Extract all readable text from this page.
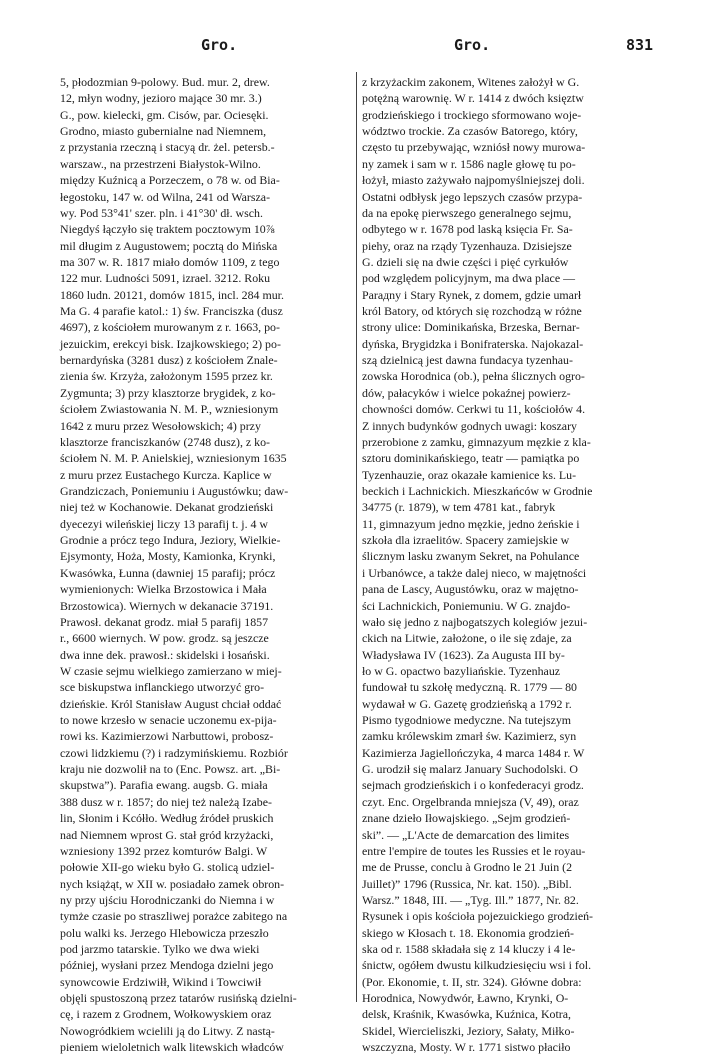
Gro.	Gro.	831
5, płodozmian 9-polowy. Bud. mur. 2, drew.
12, młyn wodny, jezioro mające 30 mr. 3.)
G., pow. kielecki, gm. Cisów, par. Ociesęki.
Grodno, miasto gubernialne nad Niemnem,
z przystania rzeczną i stacyą dr. żel. petersb.-
warszaw., na przestrzeni Białystok-Wilno.
między Kuźnicą a Porzeczem, o 78 w. od Bia-
łegostoku, 147 w. od Wilna, 241 od Warsza-
wy. Pod 53°41' szer. pln. i 41°30' dł. wsch.
Niegdyś łączyło się traktem pocztowym 10⅞
mil długim z Augustowem; pocztą do Mińska
ma 307 w. R. 1817 miało domów 1109, z tego
122 mur. Ludności 5091, izrael. 3212. Roku
1860 ludn. 20121, domów 1815, incl. 284 mur.
Ma G. 4 parafie katol.: 1) św. Franciszka (dusz
4697), z kościołem murowanym z r. 1663, po-
jezuickim, erekcyi bisk. Izajkowskiego; 2) po-
bernardyńska (3281 dusz) z kościołem Znale-
zienia św. Krzyża, założonym 1595 przez kr.
Zygmunta; 3) przy klasztorze brygidek, z ko-
ściołem Zwiastowania N. M. P., wzniesionym
1642 z muru przez Wesołowskich; 4) przy
klasztorze franciszkanów (2748 dusz), z ko-
ściołem N. M. P. Anielskiej, wzniesionym 1635
z muru przez Eustachego Kurcza. Kaplice w
Grandziczach, Poniemuniu i Augustówku; daw-
niej też w Kochanowie. Dekanat grodzieński
dyecezyi wileńskiej liczy 13 parafij t. j. 4 w
Grodnie a prócz tego Indura, Jeziory, Wielkie-
Ejsymonty, Hoża, Mosty, Kamionka, Krynki,
Kwasówka, Łunna (dawniej 15 parafij; prócz
wymienionych: Wielka Brzostowica i Mała
Brzostowica). Wiernych w dekanacie 37191.
Prawosł. dekanat grodz. miał 5 parafij 1857
r., 6600 wiernych. W pow. grodz. są jeszcze
dwa inne dek. prawosł.: skidelski i łosański.
W czasie sejmu wielkiego zamierzano w miej-
sce biskupstwa inflanckiego utworzyć gro-
dzieńskie. Król Stanisław August chciał oddać
to nowe krzesło w senacie uczonemu ex-pija-
rowi ks. Kazimierzowi Narbuttowi, probosz-
czowi lidzkiemu (?) i radzymińskiemu. Rozbiór
kraju nie dozwolił na to (Enc. Powsz. art. „Bi-
skupstwa”). Parafia ewang. augsb. G. miała
388 dusz w r. 1857; do niej też należą Izabe-
lin, Słonim i Kcółło. Według źródeł pruskich
nad Niemnem wprost G. stał gród krzyżacki,
wzniesiony 1392 przez komturów Balgi. W
połowie XII-go wieku było G. stolicą udziel-
nych książąt, w XII w. posiadało zamek obron-
ny przy ujściu Horodniczanki do Niemna i w
tymże czasie po straszliwej porażce zabitego na
polu walki ks. Jerzego Hlebowicza przeszło
pod jarzmo tatarskie. Tylko we dwa wieki
później, wysłani przez Mendoga dzielni jego
synowcowie Erdziwiłł, Wikind i Towciwił
objęli spustoszoną przez tatarów rusińską dzielni-
cę, i razem z Grodnem, Wołkowyskiem oraz
Nowogródkiem wcielili ją do Litwy. Z nastą-
pieniem wieloletnich walk litewskich władców
z krzyżackim zakonem, Witenes założył w G.
potężną warownię. W r. 1414 z dwóch księztw
grodzieńskiego i trockiego sformowano woje-
wództwo trockie. Za czasów Batorego, który,
często tu przebywając, wzniósł nowy murowa-
ny zamek i sam w r. 1586 nagle głowę tu po-
łożył, miasto zażywało najpomyślniejszej doli.
Ostatni odbłysk jego lepszych czasów przypa-
da na epokę pierwszego generalnego sejmu,
odbytego w r. 1678 pod laską księcia Fr. Sa-
piehy, oraz na rządy Tyzenhauza. Dzisiejsze
G. dzieli się na dwie części i pięć cyrkułów
pod względem policyjnym, ma dwa place —
Parадny i Stary Rynek, z domem, gdzie umarł
król Batory, od których się rozchodzą w różne
strony ulice: Dominikańska, Brzeska, Bernar-
dyńska, Brygidzka i Bonifraterska. Najokazal-
szą dzielnicą jest dawna fundacya tyzenhau-
zowska Horodnica (ob.), pełna ślicznych ogro-
dów, pałacyków i wielce pokaźnej powierz-
chowności domów. Cerkwi tu 11, kościołów 4.
Z innych budynków godnych uwagi: koszary
przerobione z zamku, gimnazyum męzkie z kla-
sztoru dominikańskiego, teatr — pamiątka po
Tyzenhauzie, oraz okazałe kamienice ks. Lu-
beckich i Lachnickich. Mieszkańców w Grodnie
34775 (r. 1879), w tem 4781 kat., fabryk
11, gimnazyum jedno męzkie, jedno żeńskie i
szkoła dla izraelitów. Spacery zamiejskie w
ślicznym lasku zwanym Sekret, na Pohulance
i Urbanówce, a także dalej nieco, w majętności
pana de Lascy, Augustówku, oraz w majętno-
ści Lachnickich, Poniemuniu. W G. znajdo-
wało się jedno z najbogatszych kolegiów jezui-
ckich na Litwie, założone, o ile się zdaje, za
Władysława IV (1623). Za Augusta III by-
ło w G. opactwo bazyliańskie. Tyzenhauz
fundował tu szkołę medyczną. R. 1779 — 80
wydawał w G. Gazetę grodzieńską a 1792 r.
Pismo tygodniowe medyczne. Na tutejszym
zamku królewskim zmarł św. Kazimierz, syn
Kazimierza Jagiellończyka, 4 marca 1484 r. W
G. urodził się malarz January Suchodolski. O
sejmach grodzieńskich i o konfederacyi grodz.
czyt. Enc. Orgelbranda mniejsza (V, 49), oraz
znane dzieło Iłowajskiego. „Sejm grodzień-
ski”. — „L'Acte de demarcation des limites
entre l'empire de toutes les Russies et le royau-
me de Prusse, conclu à Grodno le 21 Juin (2
Juillet)” 1796 (Russica, Nr. kat. 150). „Bibl.
Warsz.” 1848, III. — „Tyg. Ill.” 1877, Nr. 82.
Rysunek i opis kościoła pojezuickiego grodzień-
skiego w Kłosach t. 18. Ekonomia grodzień-
ska od r. 1588 składała się z 14 kluczy i 4 le-
śnictw, ogółem dwustu kilkudziesięciu wsi i fol.
(Por. Ekonomie, t. II, str. 324). Główne dobra:
Horodnica, Nowydwór, Ławno, Krynki, O-
delsk, Kraśnik, Kwasówka, Kuźnica, Kotra,
Skidel, Wiercieliszki, Jeziory, Sałaty, Miłko-
wszczyzna, Mosty. W r. 1771 sistwo płaciło
